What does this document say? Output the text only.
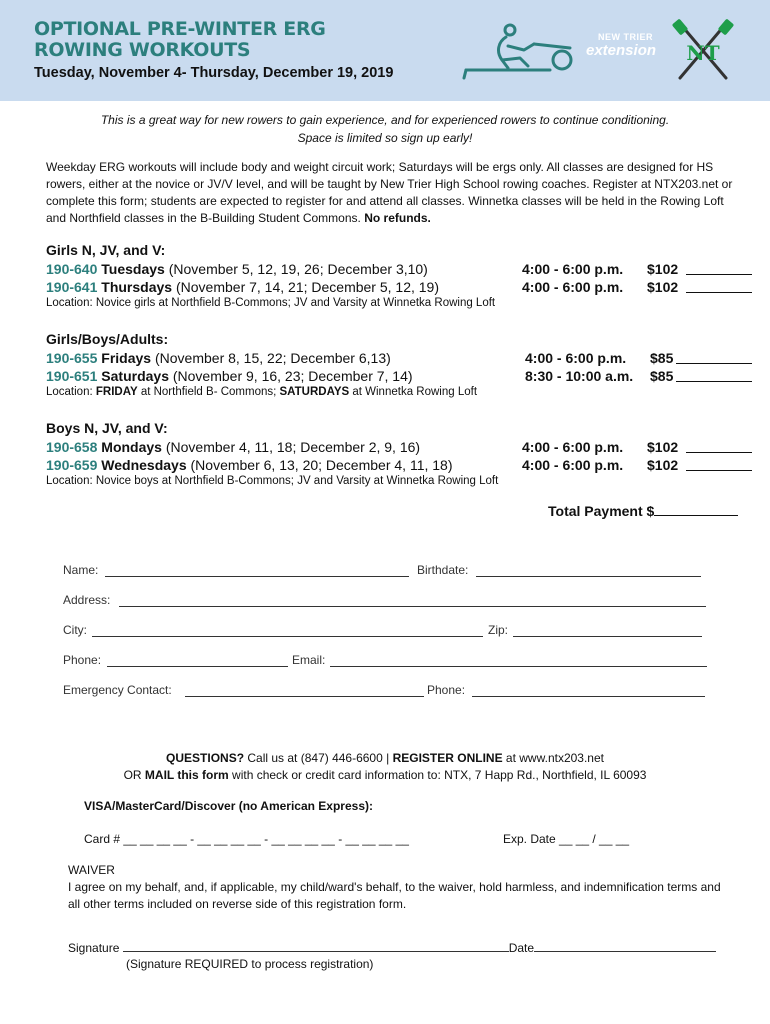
OPTIONAL PRE-WINTER ERG
ROWING WORKOUTS
Tuesday, November 4- Thursday, December 19, 2019
NEW TRIER
extension NT
This is a great way for new rowers to gain experience, and for experienced rowers to continue conditioning. Space is limited so sign up early!
Weekday ERG workouts will include body and weight circuit work; Saturdays will be ergs only. All classes are designed for HS rowers, either at the novice or JV/V level, and will be taught by New Trier High School rowing coaches. Register at NTX203.net or complete this form; students are expected to register for and attend all classes. Winnetka classes will be held in the Rowing Loft and Northfield classes in the B-Building Student Commons. No refunds.
Girls N, JV, and V:
190-640 Tuesdays (November 5, 12, 19, 26; December 3,10)	4:00 - 6:00 p.m. $102
190-641 Thursdays (November 7, 14, 21; December 5, 12, 19)	4:00 - 6:00 p.m. $102
Location: Novice girls at Northfield B-Commons; JV and Varsity at Winnetka Rowing Loft
Girls/Boys/Adults:
190-655 Fridays (November 8, 15, 22; December 6,13)	4:00 - 6:00 p.m. $85
190-651 Saturdays (November 9, 16, 23; December 7, 14)	8:30 - 10:00 a.m. $85
Location: FRIDAY at Northfield B- Commons; SATURDAYS at Winnetka Rowing Loft
Boys N, JV, and V:
190-658 Mondays (November 4, 11, 18; December 2, 9, 16)	4:00 - 6:00 p.m. $102
190-659 Wednesdays (November 6, 13, 20; December 4, 11, 18)	4:00 - 6:00 p.m. $102
Location: Novice boys at Northfield B-Commons; JV and Varsity at Winnetka Rowing Loft
Total Payment $
Name:	Birthdate:
Address:
City:	Zip:
Phone:	Email:
Emergency Contact:	Phone:
QUESTIONS? Call us at (847) 446-6600 | REGISTER ONLINE at www.ntx203.net
OR MAIL this form with check or credit card information to: NTX, 7 Happ Rd., Northfield, IL 60093
VISA/MasterCard/Discover (no American Express):
Card # __ __ __ __ - __ __ __ __ - __ __ __ __ - __ __ __ __	Exp. Date __ __ / __ __
WAIVER
I agree on my behalf, and, if applicable, my child/ward's behalf, to the waiver, hold harmless, and indemnification terms and all other terms included on reverse side of this registration form.
Signature	Date
(Signature REQUIRED to process registration)
